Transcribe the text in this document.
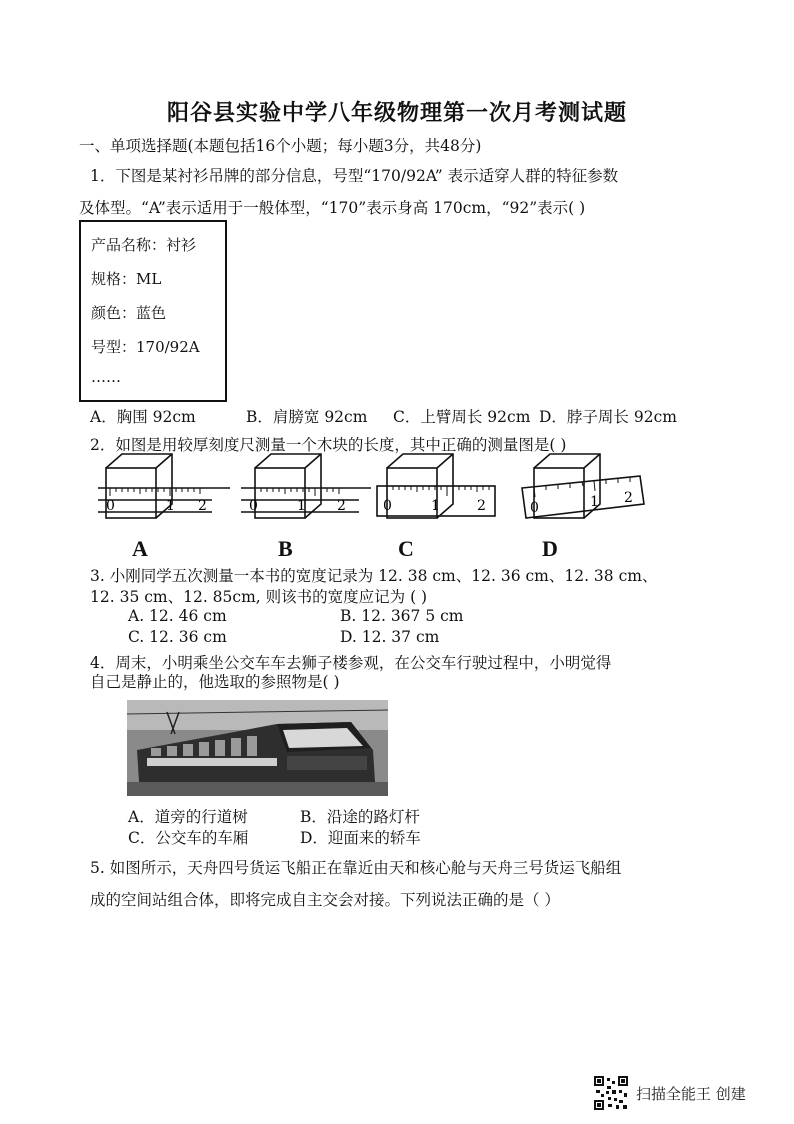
阳谷县实验中学八年级物理第一次月考测试题
一、单项选择题(本题包括16个小题；每小题3分，共48分)
1．下图是某衬衫吊牌的部分信息，号型“170/92A” 表示适穿人群的特征参数
及体型。“A”表示适用于一般体型，“170”表示身高 170cm，“92”表示( )
产品名称：衬衫
规格：ML
颜色：蓝色
号型：170/92A
……
A．胸围 92cm	B．肩膀宽 92cm C．上臂周长 92cm D．脖子周长 92cm
2．如图是用较厚刻度尺测量一个木块的长度，其中正确的测量图是( )
0	1 2	0	1 2	0	1	2	0	1 2
A	B	C	D
3. 小刚同学五次测量一本书的宽度记录为 12. 38 cm、12. 36 cm、12. 38 cm、
12. 35 cm、12. 85cm, 则该书的宽度应记为 ( )
A. 12. 46 cm	B. 12. 367 5 cm
C. 12. 36 cm	D. 12. 37 cm
4．周末，小明乘坐公交车车去狮子楼参观，在公交车行驶过程中，小明觉得
自己是静止的，他选取的参照物是( )
A．道旁的行道树	B．沿途的路灯杆
C．公交车的车厢	D．迎面来的轿车
5. 如图所示，天舟四号货运飞船正在靠近由天和核心舱与天舟三号货运飞船组
成的空间站组合体，即将完成自主交会对接。下列说法正确的是（ ）
扫描全能王 创建
